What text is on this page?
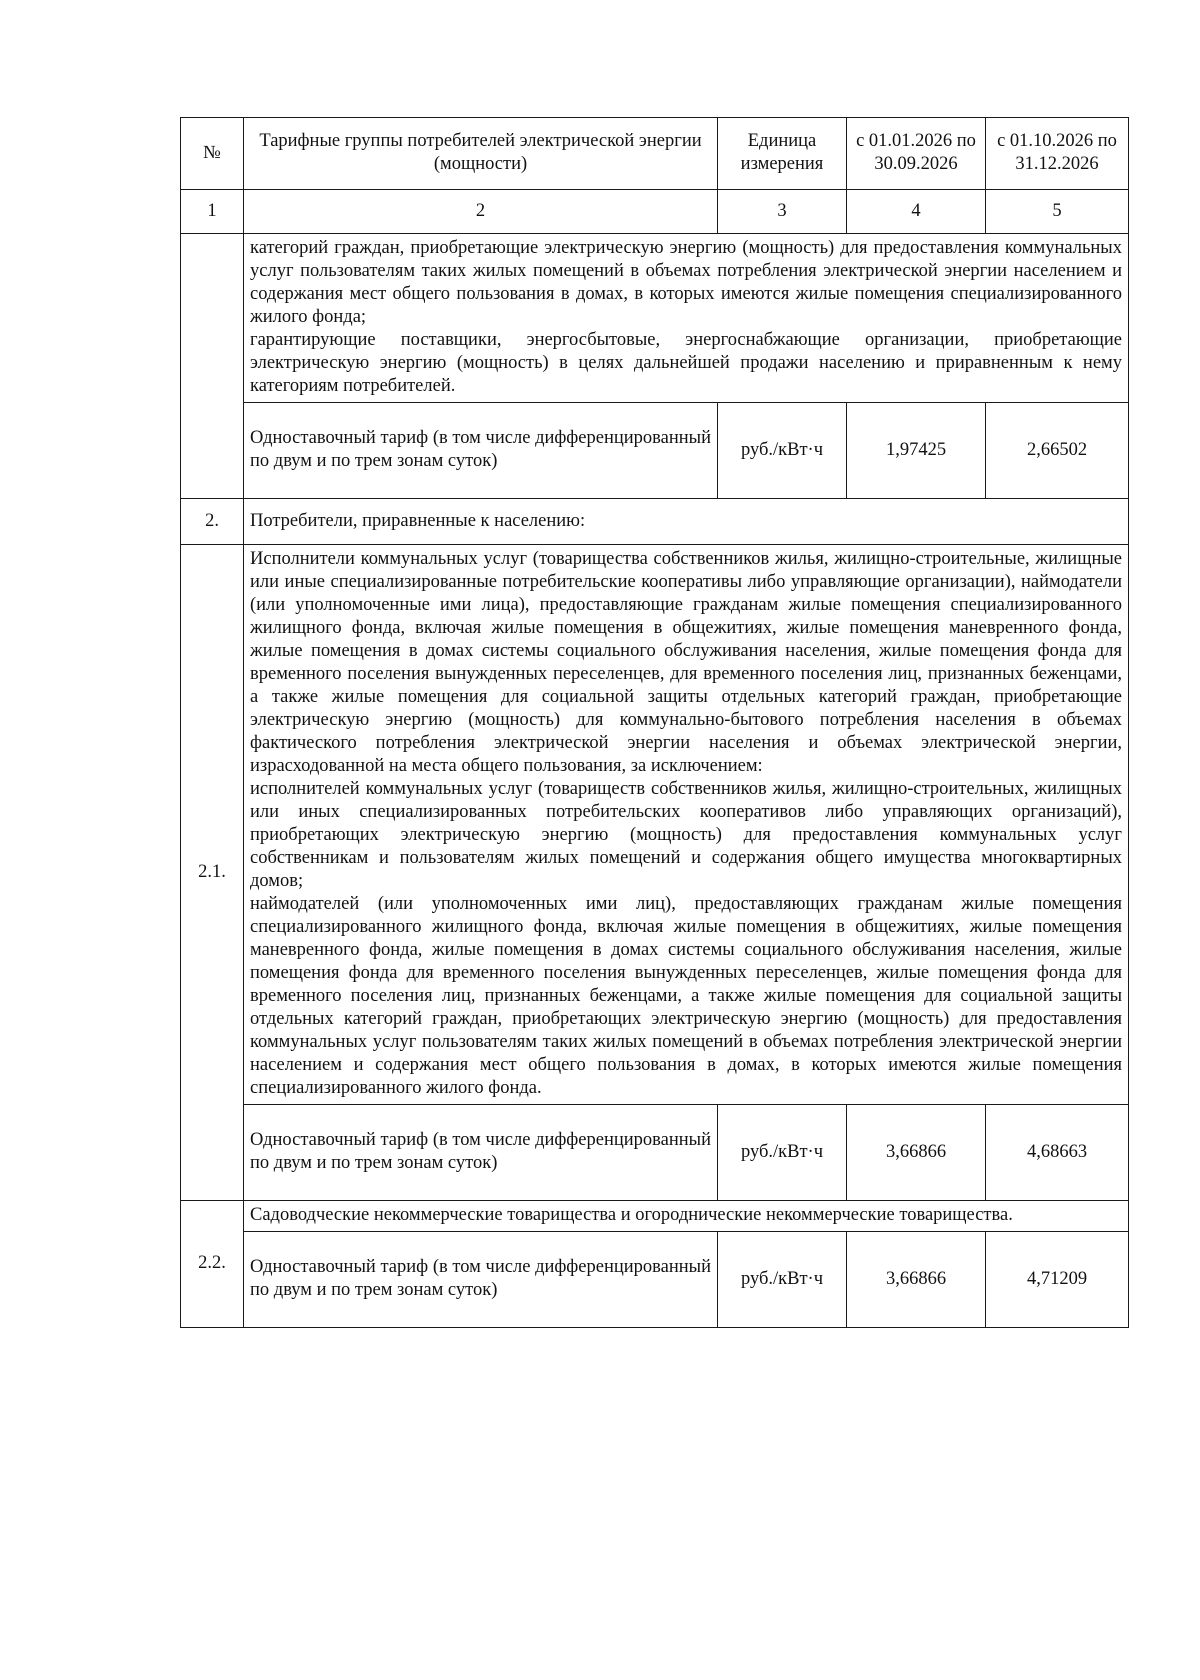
№	Тарифные группы потребителей электрической энергии (мощности)	Единица измерения	с 01.01.2026 по 30.09.2026	с 01.10.2026 по 31.12.2026
1	2	3	4	5

	категорий граждан, приобретающие электрическую энергию (мощность) для предоставления коммунальных услуг пользователям таких жилых помещений в объемах потребления электрической энергии населением и содержания мест общего пользования в домах, в которых имеются жилые помещения специализированного жилого фонда;
гарантирующие поставщики, энергосбытовые, энергоснабжающие организации, приобретающие электрическую энергию (мощность) в целях дальнейшей продажи населению и приравненным к нему категориям потребителей.			

	Одноставочный тариф (в том числе дифференцированный по двум и по трем зонам суток)	руб./кВт·ч	1,97425	2,66502
2.	Потребители, приравненные к населению:			
2.1.	Исполнители коммунальных услуг (товарищества собственников жилья, жилищно-строительные, жилищные или иные специализированные потребительские кооперативы либо управляющие организации), наймодатели (или уполномоченные ими лица), предоставляющие гражданам жилые помещения специализированного жилищного фонда, включая жилые помещения в общежитиях, жилые помещения маневренного фонда, жилые помещения в домах системы социального обслуживания населения, жилые помещения фонда для временного поселения вынужденных переселенцев, для временного поселения лиц, признанных беженцами, а также жилые помещения для социальной защиты отдельных категорий граждан, приобретающие электрическую энергию (мощность) для коммунально-бытового потребления населения в объемах фактического потребления электрической энергии населения и объемах электрической энергии, израсходованной на места общего пользования, за исключением:
исполнителей коммунальных услуг (товариществ собственников жилья, жилищно-строительных, жилищных или иных специализированных потребительских кооперативов либо управляющих организаций), приобретающих электрическую энергию (мощность) для предоставления коммунальных услуг собственникам и пользователям жилых помещений и содержания общего имущества многоквартирных домов;
наймодателей (или уполномоченных ими лиц), предоставляющих гражданам жилые помещения специализированного жилищного фонда, включая жилые помещения в общежитиях, жилые помещения маневренного фонда, жилые помещения в домах системы социального обслуживания населения, жилые помещения фонда для временного поселения вынужденных переселенцев, жилые помещения фонда для временного поселения лиц, признанных беженцами, а также жилые помещения для социальной защиты отдельных категорий граждан, приобретающих электрическую энергию (мощность) для предоставления коммунальных услуг пользователям таких жилых помещений в объемах потребления электрической энергии населением и содержания мест общего пользования в домах, в которых имеются жилые помещения специализированного жилого фонда.			

	Одноставочный тариф (в том числе дифференцированный по двум и по трем зонам суток)	руб./кВт·ч	3,66866	4,68663
2.2.	Садоводческие некоммерческие товарищества и огороднические некоммерческие товарищества.			
	Одноставочный тариф (в том числе дифференцированный по двум и по трем зонам суток)	руб./кВт·ч	3,66866	4,71209
